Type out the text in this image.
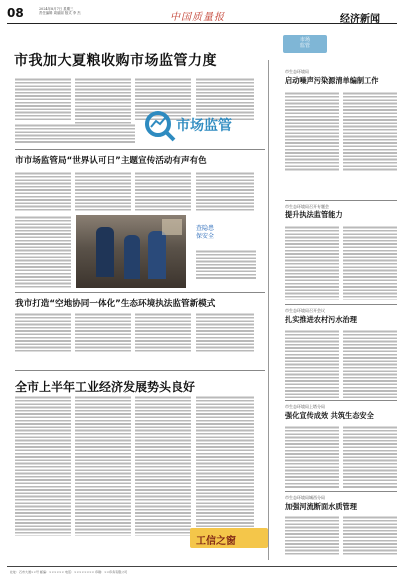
08	2024年8月7日 星期三
责任编辑 周丽丽 版式 李 杰	中国质量报	经济新闻
市场
监管
市我加大夏粮收购市场监管力度
市场监管
市市场监管局“世界认可日”主题宣传活动有声有色
查隐患
保安全
我市打造“空地协同一体化”生态环境执法监管新模式
全市上半年工业经济发展势头良好
工信之窗
市生态环境局
启动噪声污染源清单编制工作
市生态环境局召开专题会
提升执法监管能力
市生态环境局召开会议
扎实推进农村污水治理
市生态环境局上塔分局
强化宣传成效 共筑生态安全
市生态环境局城西分局
加强河流断面水质管理
社址：石市大道××号 邮编：×××××× 电话：×××××××× 印刷：××印务有限公司
